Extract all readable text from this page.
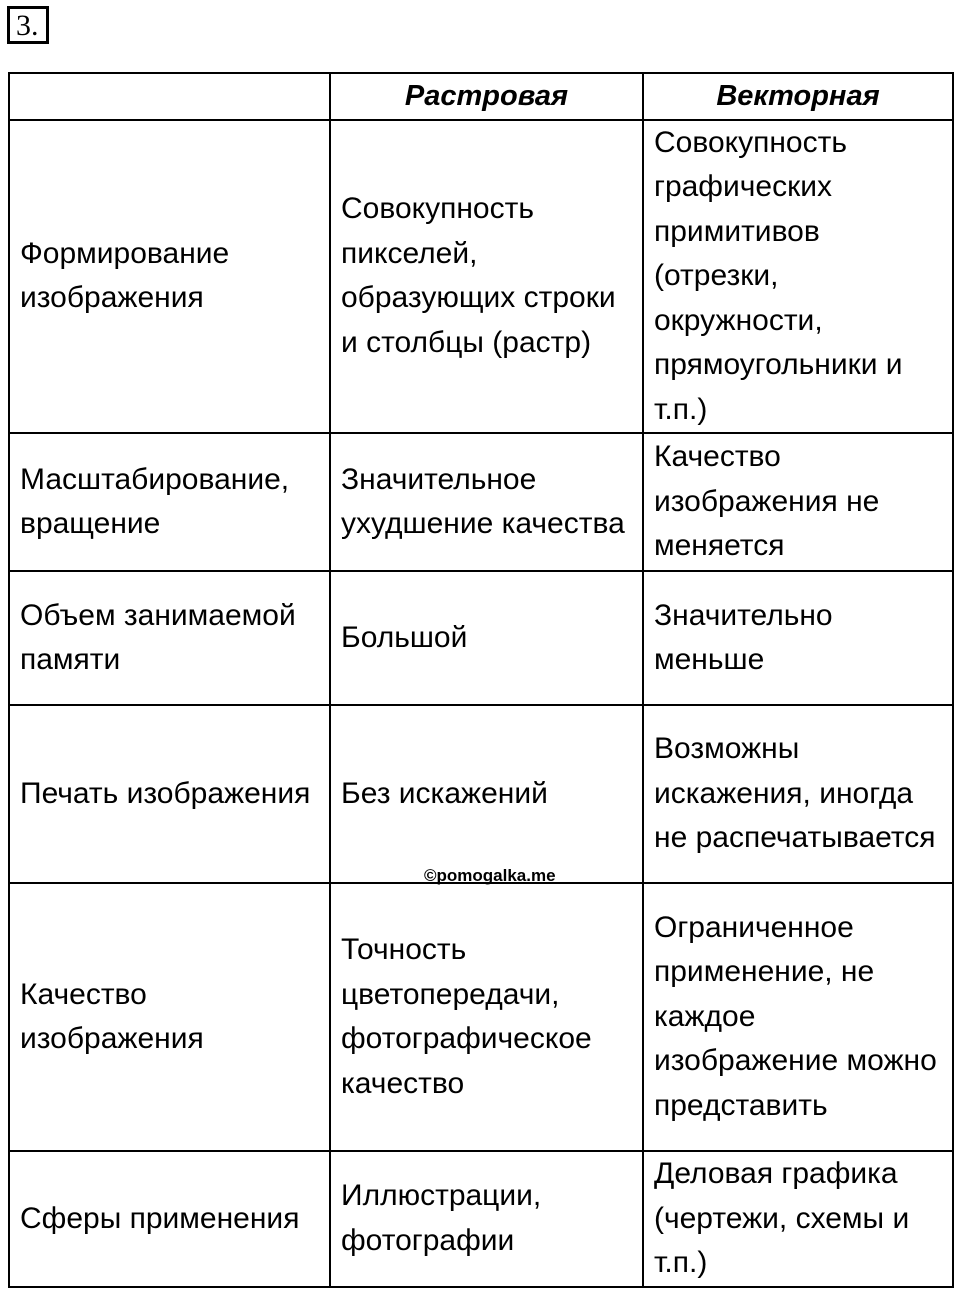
3.
	Растровая	Векторная
Формирование изображения	Совокупность пикселей, образующих строки и столбцы (растр)	Совокупность графических примитивов (отрезки, окружности, прямоугольники и т.п.)
Масштабирование, вращение	Значительное ухудшение качества	Качество изображения не меняется
Объем занимаемой памяти	Большой	Значительно меньше
Печать изображения	Без искажений	Возможны искажения, иногда не распечатывается
Качество изображения	Точность цветопередачи, фотографическое качество	Ограниченное применение, не каждое изображение можно представить
Сферы применения	Иллюстрации, фотографии	Деловая графика (чертежи, схемы и т.п.)
©pomogalka.me
